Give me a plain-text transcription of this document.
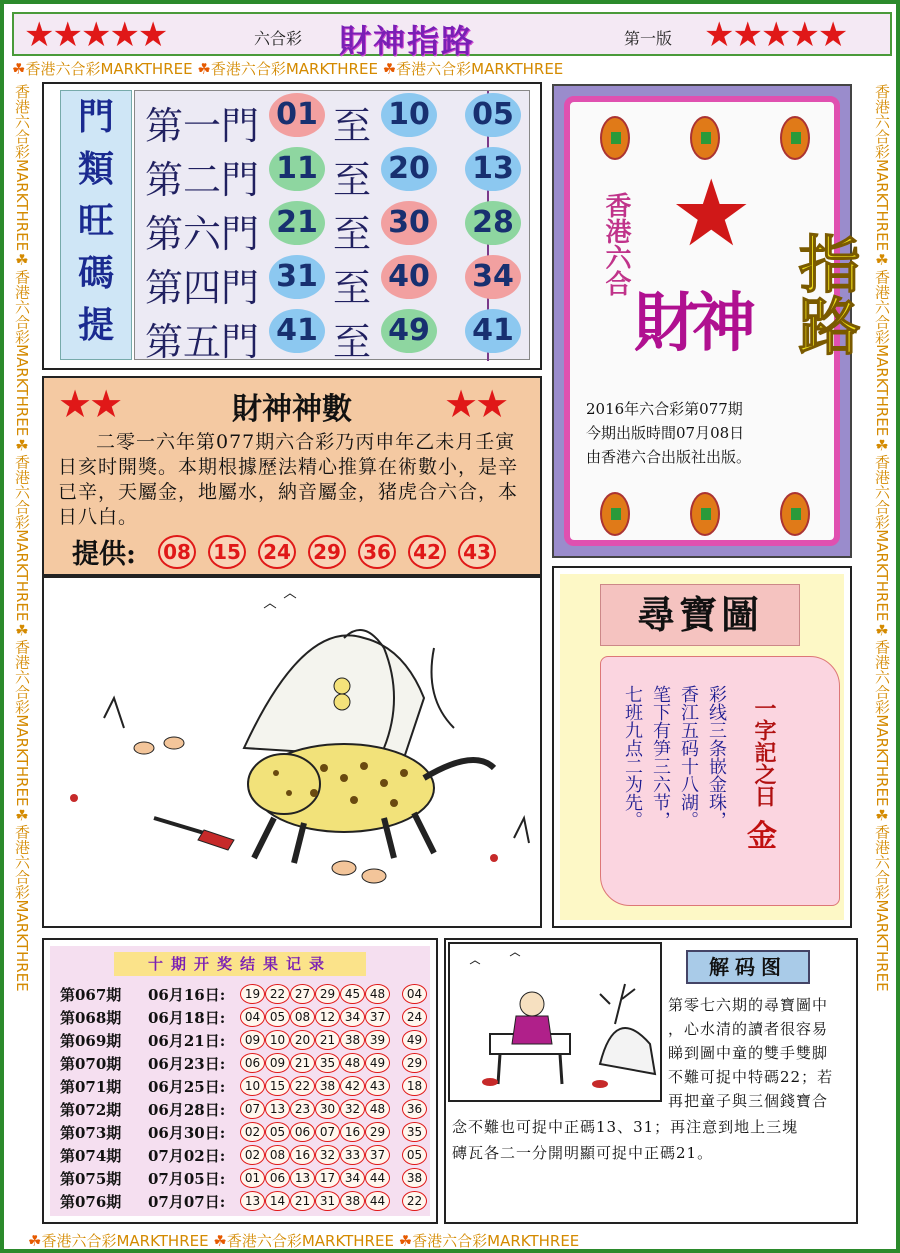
★★★★★	六合彩 財神指路	第一版 ★★★★★
☘香港六合彩MARKTHREE ☘香港六合彩MARKTHREE ☘香港六合彩MARKTHREE
☘香港六合彩MARKTHREE ☘香港六合彩MARKTHREE ☘香港六合彩MARKTHREE
香港六合彩MARKTHREE☘香港六合彩MARKTHREE☘香港六合彩MARKTHREE☘香港六合彩MARKTHREE☘香港六合彩MARKTHREE
香港六合彩MARKTHREE☘香港六合彩MARKTHREE☘香港六合彩MARKTHREE☘香港六合彩MARKTHREE☘香港六合彩MARKTHREE
門
類
旺
碼
提
第一門 01 至 10 05
第二門 11 至 20 13
第六門 21 至 30 28
第四門 31 至 40 34
第五門 41 至 49 41
★★	財神神數	★★
二零一六年第077期六合彩乃丙申年乙未月壬寅日亥时開獎。本期根據歷法精心推算在術數小，是辛已辛，天屬金，地屬水，納音屬金，猪虎合六合，本日八白。
提供: 08 15 24 29 36 42 43
★
香港六合
財神 指路
2016年六合彩第077期
今期出版時間07月08日
由香港六合出版社出版。
尋寶圖
七班九点二为先。
笔下有笋三六节，
香江五码十八湖。
彩线三条嵌金珠，
一字記之日
金
十期开奖结果记录
第067期 06月16日:	19 22 27 29 45 48	04
第068期 06月18日:	04 05 08 12 34 37	24
第069期 06月21日:	09 10 20 21 38 39	49
第070期 06月23日:	06 09 21 35 48 49	29
第071期 06月25日:	10 15 22 38 42 43	18
第072期 06月28日:	07 13 23 30 32 48	36
第073期 06月30日:	02 05 06 07 16 29	35
第074期 07月02日:	02 08 16 32 33 37	05
第075期 07月05日:	01 06 13 17 34 44	38
第076期 07月07日:	13 14 21 31 38 44	22
解码图
第零七六期的尋寶圖中
，心水清的讀者很容易
睇到圖中童的雙手雙脚
不難可捉中特碼22；若
再把童子與三個錢寶合
念不難也可捉中正碼13、31；再注意到地上三塊
磚瓦各二一分開明顯可捉中正碼21。
